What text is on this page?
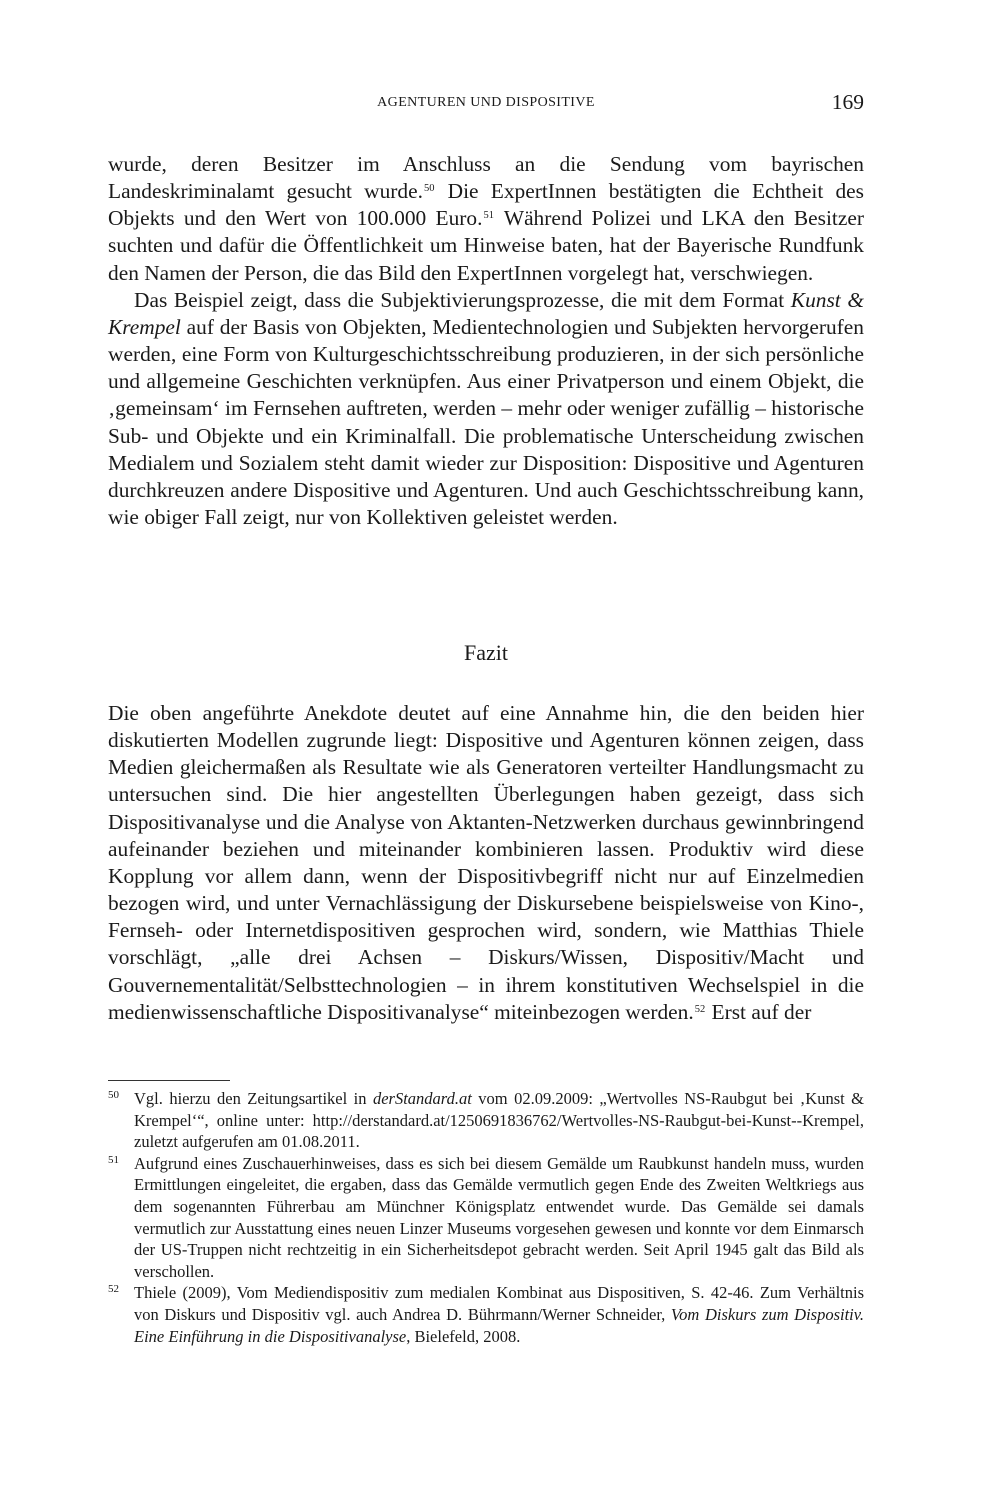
AGENTUREN UND DISPOSITIVE	169

wurde, deren Besitzer im Anschluss an die Sendung vom bayrischen Landeskriminalamt gesucht wurde.$^{50}$ Die ExpertInnen bestätigten die Echtheit des Objekts und den Wert von 100.000 Euro.$^{51}$ Während Polizei und LKA den Besitzer suchten und dafür die Öffentlichkeit um Hinweise baten, hat der Bayerische Rundfunk den Namen der Person, die das Bild den ExpertInnen vorgelegt hat, verschwiegen.

Das Beispiel zeigt, dass die Subjektivierungsprozesse, die mit dem Format Kunst & Krempel auf der Basis von Objekten, Medientechnologien und Subjekten hervorgerufen werden, eine Form von Kulturgeschichtsschreibung produzieren, in der sich persönliche und allgemeine Geschichten verknüpfen. Aus einer Privatperson und einem Objekt, die ‚gemeinsam‘ im Fernsehen auftreten, werden – mehr oder weniger zufällig – historische Sub- und Objekte und ein Kriminalfall. Die problematische Unterscheidung zwischen Medialem und Sozialem steht damit wieder zur Disposition: Dispositive und Agenturen durchkreuzen andere Dispositive und Agenturen. Und auch Geschichtsschreibung kann, wie obiger Fall zeigt, nur von Kollektiven geleistet werden.

Fazit

Die oben angeführte Anekdote deutet auf eine Annahme hin, die den beiden hier diskutierten Modellen zugrunde liegt: Dispositive und Agenturen können zeigen, dass Medien gleichermaßen als Resultate wie als Generatoren verteilter Handlungsmacht zu untersuchen sind. Die hier angestellten Überlegungen haben gezeigt, dass sich Dispositivanalyse und die Analyse von Aktanten-Netzwerken durchaus gewinnbringend aufeinander beziehen und miteinander kombinieren lassen. Produktiv wird diese Kopplung vor allem dann, wenn der Dispositivbegriff nicht nur auf Einzelmedien bezogen wird, und unter Vernachlässigung der Diskursebene beispielsweise von Kino-, Fernseh- oder Internetdispositiven gesprochen wird, sondern, wie Matthias Thiele vorschlägt, „alle drei Achsen – Diskurs/Wissen, Dispositiv/Macht und Gouvernementalität/Selbsttechnologien – in ihrem konstitutiven Wechselspiel in die medienwissenschaftliche Dispositivanalyse“ miteinbezogen werden.$^{52}$ Erst auf der

50 Vgl. hierzu den Zeitungsartikel in derStandard.at vom 02.09.2009: „Wertvolles NS-Raubgut bei ‚Kunst & Krempel‘“, online unter: http://derstandard.at/1250691836762/Wertvolles-NS-Raubgut-bei-Kunst--Krempel, zuletzt aufgerufen am 01.08.2011.

51 Aufgrund eines Zuschauerhinweises, dass es sich bei diesem Gemälde um Raubkunst handeln muss, wurden Ermittlungen eingeleitet, die ergaben, dass das Gemälde vermutlich gegen Ende des Zweiten Weltkriegs aus dem sogenannten Führerbau am Münchner Königsplatz entwendet wurde. Das Gemälde sei damals vermutlich zur Ausstattung eines neuen Linzer Museums vorgesehen gewesen und konnte vor dem Einmarsch der US-Truppen nicht rechtzeitig in ein Sicherheitsdepot gebracht werden. Seit April 1945 galt das Bild als verschollen.

52 Thiele (2009), Vom Mediendispositiv zum medialen Kombinat aus Dispositiven, S. 42-46. Zum Verhältnis von Diskurs und Dispositiv vgl. auch Andrea D. Bührmann/Werner Schneider, Vom Diskurs zum Dispositiv. Eine Einführung in die Dispositivanalyse, Bielefeld, 2008.
